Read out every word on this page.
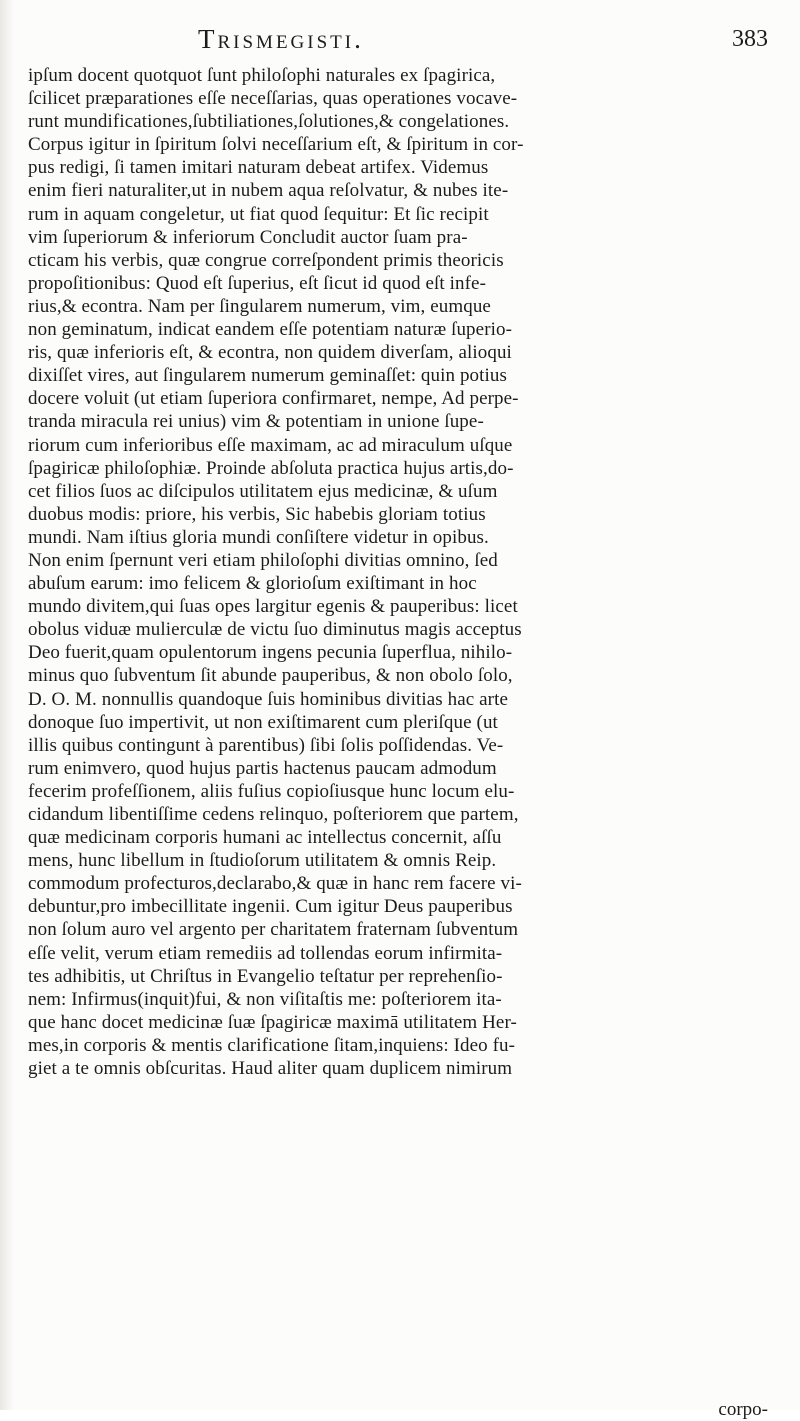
Trismegisti.	383
ipſum docent quotquot ſunt philoſophi naturales ex ſpagirica,
ſcilicet præparationes eſſe neceſſarias, quas operationes vocave-
runt mundificationes,ſubtiliationes,ſolutiones,& congelationes.
Corpus igitur in ſpiritum ſolvi neceſſarium eſt, & ſpiritum in cor-
pus redigi, ſi tamen imitari naturam debeat artifex. Videmus
enim fieri naturaliter,ut in nubem aqua reſolvatur, & nubes ite-
rum in aquam congeletur, ut fiat quod ſequitur: Et ſic recipit
vim ſuperiorum & inferiorum Concludit auctor ſuam pra-
cticam his verbis, quæ congrue correſpondent primis theoricis
propoſitionibus: Quod eſt ſuperius, eſt ſicut id quod eſt infe-
rius,& econtra. Nam per ſingularem numerum, vim, eumque
non geminatum, indicat eandem eſſe potentiam naturæ ſuperio-
ris, quæ inferioris eſt, & econtra, non quidem diverſam, alioqui
dixiſſet vires, aut ſingularem numerum geminaſſet: quin potius
docere voluit (ut etiam ſuperiora confirmaret, nempe, Ad perpe-
tranda miracula rei unius) vim & potentiam in unione ſupe-
riorum cum inferioribus eſſe maximam, ac ad miraculum uſque
ſpagiricæ philoſophiæ. Proinde abſoluta practica hujus artis,do-
cet filios ſuos ac diſcipulos utilitatem ejus medicinæ, & uſum
duobus modis: priore, his verbis, Sic habebis gloriam totius
mundi. Nam iſtius gloria mundi conſiſtere videtur in opibus.
Non enim ſpernunt veri etiam philoſophi divitias omnino, ſed
abuſum earum: imo felicem & glorioſum exiſtimant in hoc
mundo divitem,qui ſuas opes largitur egenis & pauperibus: licet
obolus viduæ mulierculæ de victu ſuo diminutus magis acceptus
Deo fuerit,quam opulentorum ingens pecunia ſuperflua, nihilo-
minus quo ſubventum ſit abunde pauperibus, & non obolo ſolo,
D. O. M. nonnullis quandoque ſuis hominibus divitias hac arte
donoque ſuo impertivit, ut non exiſtimarent cum pleriſque (ut
illis quibus contingunt à parentibus) ſibi ſolis poſſidendas. Ve-
rum enimvero, quod hujus partis hactenus paucam admodum
fecerim profeſſionem, aliis fuſius copioſiusque hunc locum elu-
cidandum libentiſſime cedens relinquo, poſteriorem que partem,
quæ medicinam corporis humani ac intellectus concernit, aſſu
mens, hunc libellum in ſtudioſorum utilitatem & omnis Reip.
commodum profecturos,declarabo,& quæ in hanc rem facere vi-
debuntur,pro imbecillitate ingenii. Cum igitur Deus pauperibus
non ſolum auro vel argento per charitatem fraternam ſubventum
eſſe velit, verum etiam remediis ad tollendas eorum infirmita-
tes adhibitis, ut Chriſtus in Evangelio teſtatur per reprehenſio-
nem: Infirmus(inquit)fui, & non viſitaſtis me: poſteriorem ita-
que hanc docet medicinæ ſuæ ſpagiricæ maximā utilitatem Her-
mes,in corporis & mentis clarificatione ſitam,inquiens: Ideo fu-
giet a te omnis obſcuritas. Haud aliter quam duplicem nimirum
corpo-
